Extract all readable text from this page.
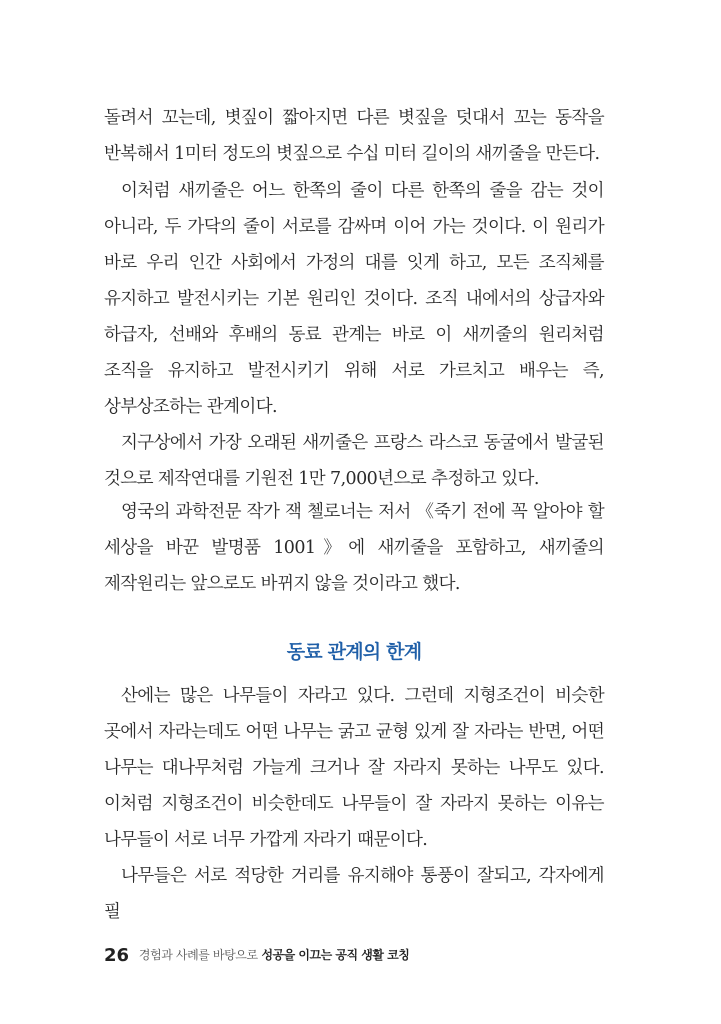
돌려서 꼬는데, 볏짚이 짧아지면 다른 볏짚을 덧대서 꼬는 동작을 반복해서 1미터 정도의 볏짚으로 수십 미터 길이의 새끼줄을 만든다.

이처럼 새끼줄은 어느 한쪽의 줄이 다른 한쪽의 줄을 감는 것이 아니라, 두 가닥의 줄이 서로를 감싸며 이어 가는 것이다. 이 원리가 바로 우리 인간 사회에서 가정의 대를 잇게 하고, 모든 조직체를 유지하고 발전시키는 기본 원리인 것이다. 조직 내에서의 상급자와 하급자, 선배와 후배의 동료 관계는 바로 이 새끼줄의 원리처럼 조직을 유지하고 발전시키기 위해 서로 가르치고 배우는 즉, 상부상조하는 관계이다.

지구상에서 가장 오래된 새끼줄은 프랑스 라스코 동굴에서 발굴된 것으로 제작연대를 기원전 1만 7,000년으로 추정하고 있다.

영국의 과학전문 작가 잭 첼로너는 저서 《죽기 전에 꼭 알아야 할 세상을 바꾼 발명품 1001》에 새끼줄을 포함하고, 새끼줄의 제작원리는 앞으로도 바뀌지 않을 것이라고 했다.

동료 관계의 한계

산에는 많은 나무들이 자라고 있다. 그런데 지형조건이 비슷한 곳에서 자라는데도 어떤 나무는 굵고 균형 있게 잘 자라는 반면, 어떤 나무는 대나무처럼 가늘게 크거나 잘 자라지 못하는 나무도 있다. 이처럼 지형조건이 비슷한데도 나무들이 잘 자라지 못하는 이유는 나무들이 서로 너무 가깝게 자라기 때문이다.

나무들은 서로 적당한 거리를 유지해야 통풍이 잘되고, 각자에게 필

26 경험과 사례를 바탕으로 성공을 이끄는 공직 생활 코칭
